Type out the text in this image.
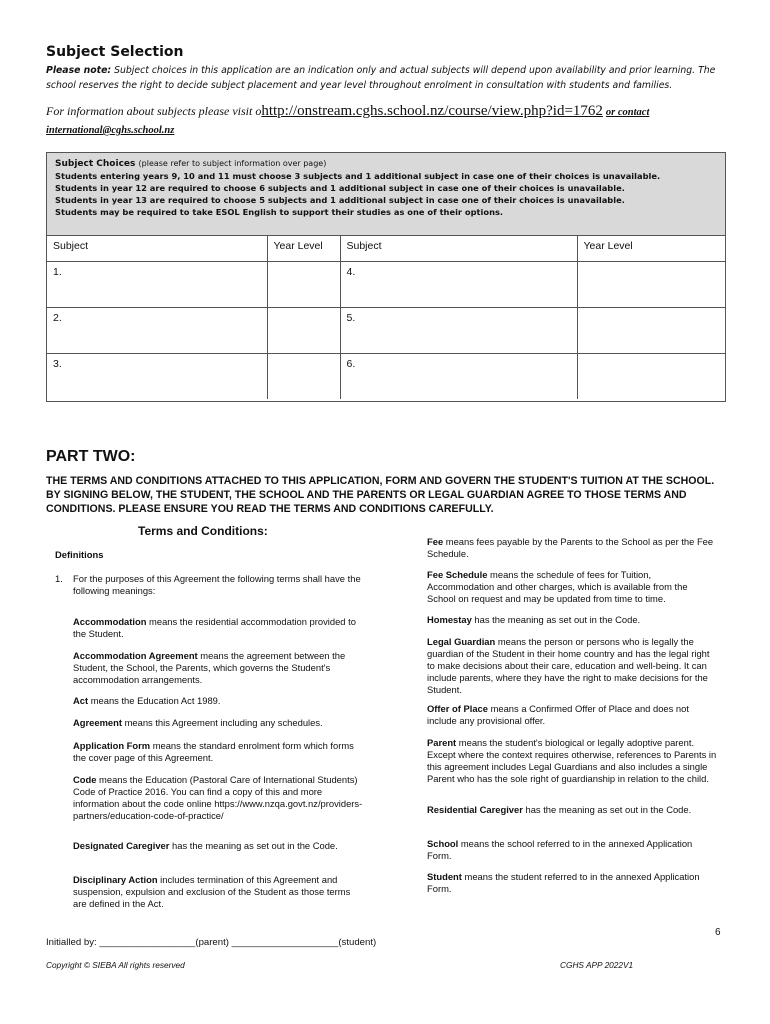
Subject Selection
Please note: Subject choices in this application are an indication only and actual subjects will depend upon availability and prior learning. The school reserves the right to decide subject placement and year level throughout enrolment in consultation with students and families.
For information about subjects please visit ohttp://onstream.cghs.school.nz/course/view.php?id=1762 or contact
international@cghs.school.nz
Subject Choices (please refer to subject information over page)
Students entering years 9, 10 and 11 must choose 3 subjects and 1 additional subject in case one of their choices is unavailable.
Students in year 12 are required to choose 6 subjects and 1 additional subject in case one of their choices is unavailable.
Students in year 13 are required to choose 5 subjects and 1 additional subject in case one of their choices is unavailable.
Students may be required to take ESOL English to support their studies as one of their options.
Subject	Year Level	Subject	Year Level
1.		4.	
2.		5.	
3.		6.	
PART TWO:
THE TERMS AND CONDITIONS ATTACHED TO THIS APPLICATION, FORM AND GOVERN THE STUDENT'S TUITION AT THE SCHOOL. BY SIGNING BELOW, THE STUDENT, THE SCHOOL AND THE PARENTS OR LEGAL GUARDIAN AGREE TO THOSE TERMS AND CONDITIONS. PLEASE ENSURE YOU READ THE TERMS AND CONDITIONS CAREFULLY.
Terms and Conditions:
Definitions
1. For the purposes of this Agreement the following terms shall have the following meanings:

Accommodation means the residential accommodation provided to the Student.

Accommodation Agreement means the agreement between the Student, the School, the Parents, which governs the Student's accommodation arrangements.

Act means the Education Act 1989.

Agreement means this Agreement including any schedules.

Application Form means the standard enrolment form which forms the cover page of this Agreement.

Code means the Education (Pastoral Care of International Students) Code of Practice 2016. You can find a copy of this and more information about the code online https://www.nzqa.govt.nz/providers-partners/education-code-of-practice/

Designated Caregiver has the meaning as set out in the Code.

Disciplinary Action includes termination of this Agreement and suspension, expulsion and exclusion of the Student as those terms are defined in the Act.

Fee means fees payable by the Parents to the School as per the Fee Schedule.

Fee Schedule means the schedule of fees for Tuition, Accommodation and other charges, which is available from the School on request and may be updated from time to time.

Homestay has the meaning as set out in the Code.

Legal Guardian means the person or persons who is legally the guardian of the Student in their home country and has the legal right to make decisions about their care, education and well-being. It can include parents, where they have the right to make decisions for the Student.

Offer of Place means a Confirmed Offer of Place and does not include any provisional offer.

Parent means the student's biological or legally adoptive parent. Except where the context requires otherwise, references to Parents in this agreement includes Legal Guardians and also includes a single Parent who has the sole right of guardianship in relation to the child.

Residential Caregiver has the meaning as set out in the Code.

School means the school referred to in the annexed Application Form.

Student means the student referred to in the annexed Application Form.

6
Initialled by: __________________(parent) ____________________(student)
Copyright © SIEBA All rights reserved	CGHS APP 2022V1
